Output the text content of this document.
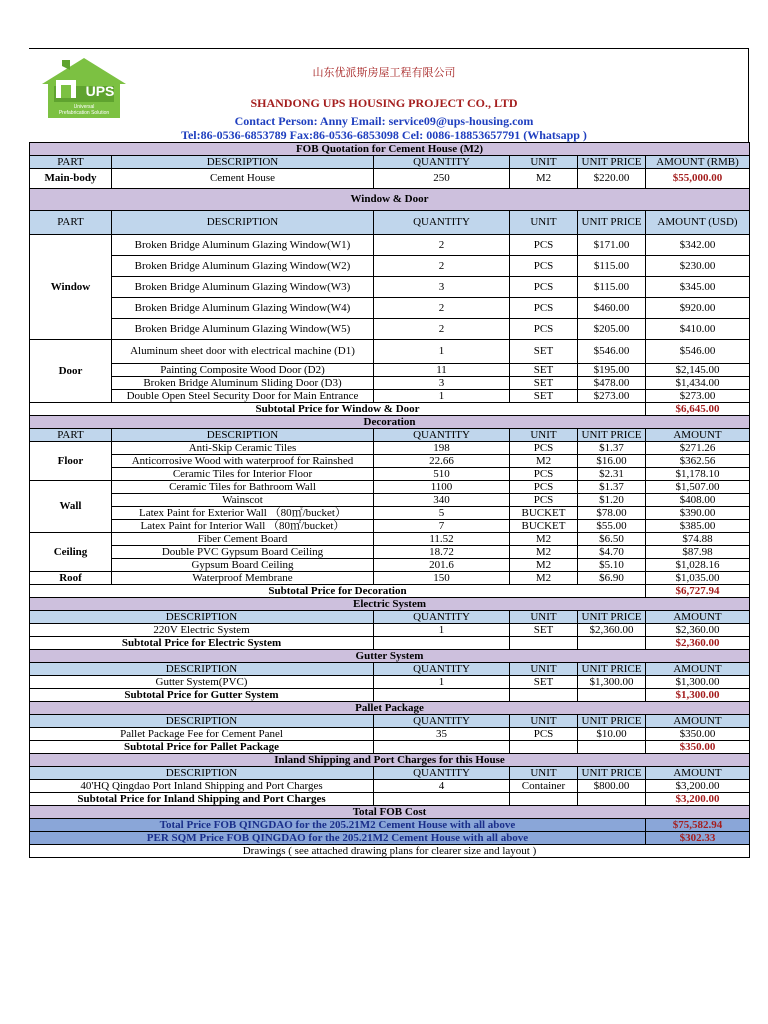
UPS
Universal
Prefabrication Solution
山东优派斯房屋工程有限公司
SHANDONG UPS HOUSING PROJECT CO., LTD
Contact Person: Anny Email: service09@ups-housing.com
Tel:86-0536-6853789 Fax:86-0536-6853098 Cel: 0086-18853657791 (Whatsapp )
FOB Quotation for Cement House (M2)					
PART	DESCRIPTION	QUANTITY	UNIT	UNIT PRICE	AMOUNT (RMB)
Main-body	Cement House	250	M2	$220.00	$55,000.00
Window & Door					
PART	DESCRIPTION	QUANTITY	UNIT	UNIT PRICE	AMOUNT (USD)
Window	Broken Bridge Aluminum Glazing Window(W1)	2	PCS	$171.00	$342.00
	Broken Bridge Aluminum Glazing Window(W2)	2	PCS	$115.00	$230.00
	Broken Bridge Aluminum Glazing Window(W3)	3	PCS	$115.00	$345.00
	Broken Bridge Aluminum Glazing Window(W4)	2	PCS	$460.00	$920.00
	Broken Bridge Aluminum Glazing Window(W5)	2	PCS	$205.00	$410.00
Door	Aluminum sheet door with electrical machine (D1)	1	SET	$546.00	$546.00
	Painting Composite Wood Door (D2)	11	SET	$195.00	$2,145.00
	Broken Bridge Aluminum Sliding Door (D3)	3	SET	$478.00	$1,434.00
	Double Open Steel Security Door for Main Entrance	1	SET	$273.00	$273.00
Subtotal Price for Window & Door					$6,645.00
Decoration					
PART	DESCRIPTION	QUANTITY	UNIT	UNIT PRICE	AMOUNT
Floor	Anti-Skip Ceramic Tiles	198	PCS	$1.37	$271.26
	Anticorrosive Wood with waterproof for Rainshed	22.66	M2	$16.00	$362.56
	Ceramic Tiles for Interior Floor	510	PCS	$2.31	$1,178.10
Wall	Ceramic Tiles for Bathroom Wall	1100	PCS	$1.37	$1,507.00
	Wainscot	340	PCS	$1.20	$408.00
	Latex Paint for Exterior Wall （80㎡/bucket）	5	BUCKET	$78.00	$390.00
	Latex Paint for Interior Wall （80㎡/bucket）	7	BUCKET	$55.00	$385.00
Ceiling	Fiber Cement Board	11.52	M2	$6.50	$74.88
	Double PVC Gypsum Board Ceiling	18.72	M2	$4.70	$87.98
	Gypsum Board Ceiling	201.6	M2	$5.10	$1,028.16
Roof	Waterproof Membrane	150	M2	$6.90	$1,035.00
Subtotal Price for Decoration					$6,727.94
Electric System					
DESCRIPTION		QUANTITY	UNIT	UNIT PRICE	AMOUNT
220V Electric System		1	SET	$2,360.00	$2,360.00
Subtotal Price for Electric System					$2,360.00
Gutter System					
DESCRIPTION		QUANTITY	UNIT	UNIT PRICE	AMOUNT
Gutter System(PVC)		1	SET	$1,300.00	$1,300.00
Subtotal Price for Gutter System					$1,300.00
Pallet Package					
DESCRIPTION		QUANTITY	UNIT	UNIT PRICE	AMOUNT
Pallet Package Fee for Cement Panel		35	PCS	$10.00	$350.00
Subtotal Price for Pallet Package					$350.00
Inland Shipping and Port Charges for this House					
DESCRIPTION		QUANTITY	UNIT	UNIT PRICE	AMOUNT
40'HQ Qingdao Port Inland Shipping and Port Charges		4	Container	$800.00	$3,200.00
Subtotal Price for Inland Shipping and Port Charges					$3,200.00
Total FOB Cost					
Total Price FOB QINGDAO for the 205.21M2 Cement House with all above					$75,582.94
PER SQM Price FOB QINGDAO for the 205.21M2 Cement House with all above					$302.33
Drawings ( see attached drawing plans for clearer size and layout )					
